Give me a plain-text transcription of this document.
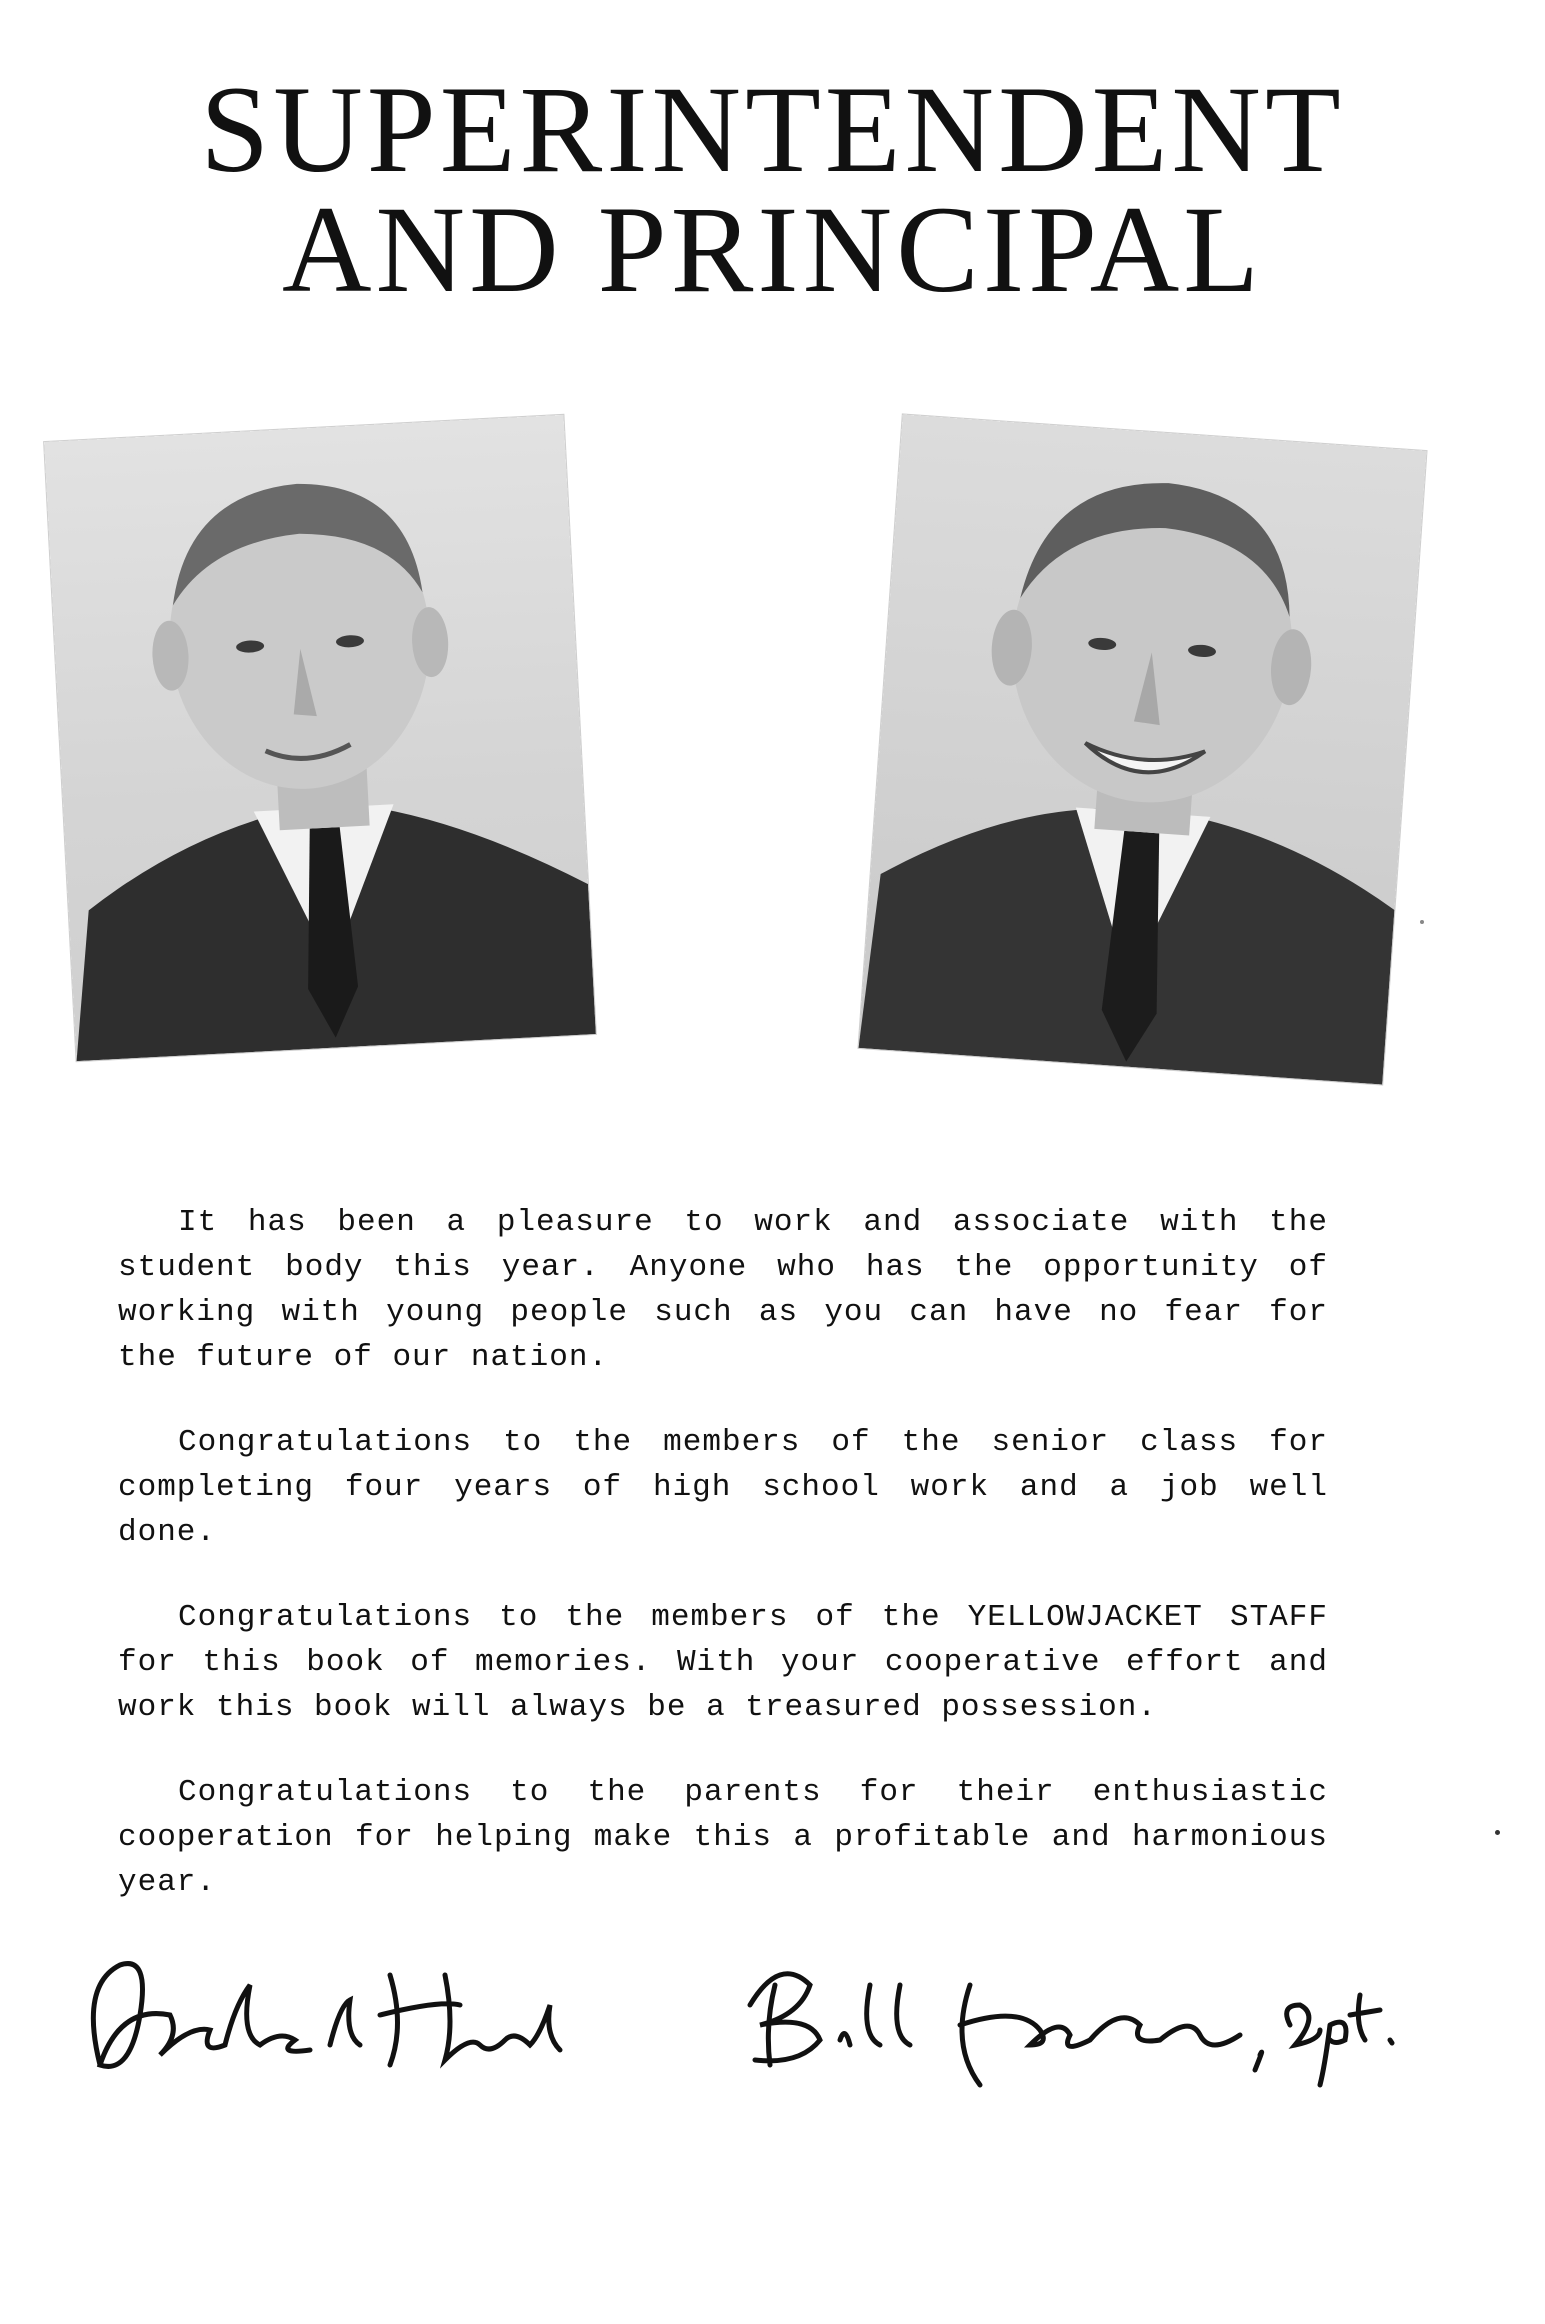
SUPERINTENDENT
AND PRINCIPAL

It has been a pleasure to work and associate with the student body this year. Anyone who has the opportunity of working with young people such as you can have no fear for the future of our nation.

Congratulations to the members of the senior class for completing four years of high school work and a job well done.

Congratulations to the members of the YELLOWJACKET STAFF for this book of memories. With your cooperative effort and work this book will always be a treasured possession.

Congratulations to the parents for their enthusiastic cooperation for helping make this a profitable and harmonious year.
